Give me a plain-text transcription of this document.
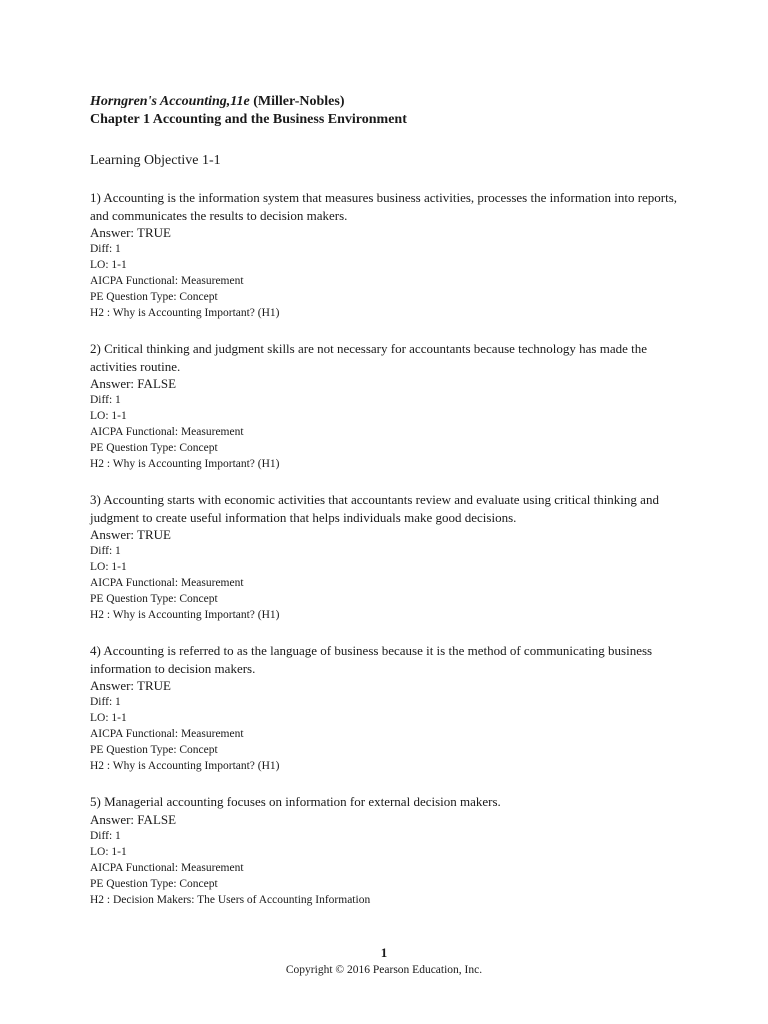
Horngren's Accounting,11e (Miller-Nobles)
Chapter 1 Accounting and the Business Environment
Learning Objective 1-1
1) Accounting is the information system that measures business activities, processes the information into reports, and communicates the results to decision makers.
Answer: TRUE
Diff: 1
LO: 1-1
AICPA Functional: Measurement
PE Question Type: Concept
H2 : Why is Accounting Important? (H1)
2) Critical thinking and judgment skills are not necessary for accountants because technology has made the activities routine.
Answer: FALSE
Diff: 1
LO: 1-1
AICPA Functional: Measurement
PE Question Type: Concept
H2 : Why is Accounting Important? (H1)
3) Accounting starts with economic activities that accountants review and evaluate using critical thinking and judgment to create useful information that helps individuals make good decisions.
Answer: TRUE
Diff: 1
LO: 1-1
AICPA Functional: Measurement
PE Question Type: Concept
H2 : Why is Accounting Important? (H1)
4) Accounting is referred to as the language of business because it is the method of communicating business information to decision makers.
Answer: TRUE
Diff: 1
LO: 1-1
AICPA Functional: Measurement
PE Question Type: Concept
H2 : Why is Accounting Important? (H1)
5) Managerial accounting focuses on information for external decision makers.
Answer: FALSE
Diff: 1
LO: 1-1
AICPA Functional: Measurement
PE Question Type: Concept
H2 : Decision Makers: The Users of Accounting Information
1
Copyright © 2016 Pearson Education, Inc.
